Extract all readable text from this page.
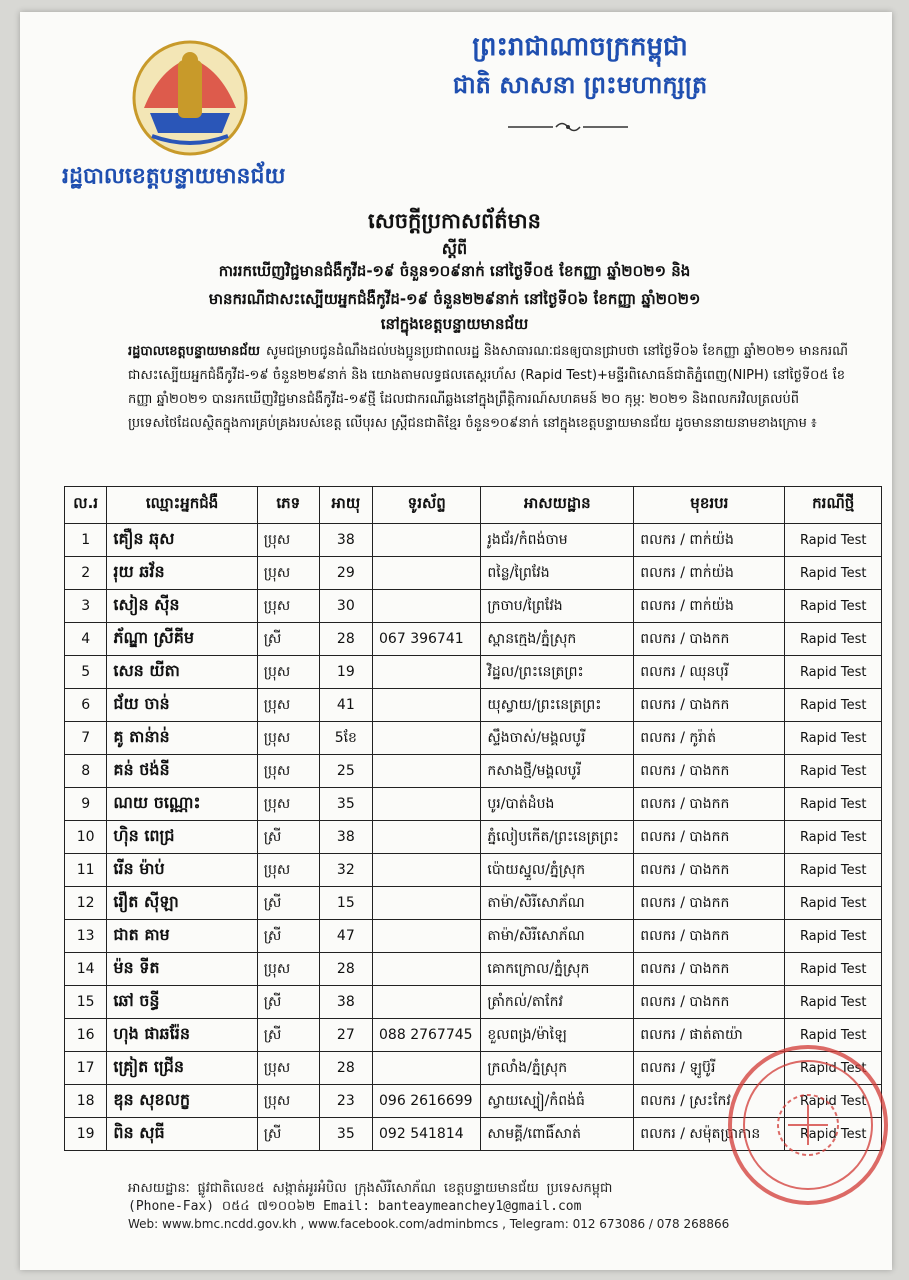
ព្រះរាជាណាចក្រកម្ពុជា
ជាតិ សាសនា ព្រះមហាក្សត្រ
រដ្ឋបាលខេត្តបន្ទាយមានជ័យ
សេចក្ដីប្រកាសព័ត៌មាន
ស្ដីពី
ការរកឃើញវិជ្ជមានជំងឺកូវីដ-១៩ ចំនួន១០៩នាក់ នៅថ្ងៃទី០៥ ខែកញ្ញា ឆ្នាំ២០២១ និង
មានករណីជាសះស្បើយអ្នកជំងឺកូវីដ-១៩ ចំនួន២២៩នាក់ នៅថ្ងៃទី០៦ ខែកញ្ញា ឆ្នាំ២០២១
នៅក្នុងខេត្តបន្ទាយមានជ័យ
រដ្ឋបាលខេត្តបន្ទាយមានជ័យ សូមជម្រាបជូនដំណឹងដល់បងប្អូនប្រជាពលរដ្ឋ និងសាធារណៈជនឲ្យបានជ្រាបថា នៅថ្ងៃទី០៦ ខែកញ្ញា ឆ្នាំ២០២១ មានករណីជាសះស្បើយអ្នកជំងឺកូវីដ-១៩ ចំនួន២២៩នាក់ និង យោងតាមលទ្ធផលតេស្តរហ័ស (Rapid Test)+មន្ទីរពិសោធន៍ជាតិភ្នំពេញ(NIPH) នៅថ្ងៃទី០៥ ខែកញ្ញា ឆ្នាំ២០២១ បានរកឃើញវិជ្ជមានជំងឺកូវីដ-១៩ថ្មី ដែលជាករណីឆ្លងនៅក្នុងព្រឹត្តិការណ៍សហគមន៍ ២០ កុម្ភៈ ២០២១ និងពលករវិលត្រលប់ពីប្រទេសថៃដែលស្ថិតក្នុងការគ្រប់គ្រងរបស់ខេត្ត លើបុរស ស្ត្រីជនជាតិខ្មែរ ចំនួន១០៩នាក់ នៅក្នុងខេត្តបន្ទាយមានជ័យ ដូចមាននាយនាមខាងក្រោម ៖
ល.រ	ឈ្មោះអ្នកជំងឺ	ភេទ	អាយុ	ទូរស័ព្ទ	អាសយដ្ឋាន	មុខរបរ	ករណីថ្មី
1	គឿន ឆុស	ប្រុស	38		រូងជ័រ/កំពង់ចាម	ពលករ / ពាក់យ៉ង	Rapid Test
2	រុយ ឆវ័ន	ប្រុស	29		ពន្លៃ/ព្រៃវែង	ពលករ / ពាក់យ៉ង	Rapid Test
3	សៀន ស៊ីន	ប្រុស	30		ក្រចាប/ព្រៃវែង	ពលករ / ពាក់យ៉ង	Rapid Test
4	ភ័ណ្ឌា ស្រីគីម	ស្រី	28	067 396741	ស្ពានក្មេង/ភ្នំស្រុក	ពលករ / បាងកក	Rapid Test
5	សេន យីតា	ប្រុស	19		វិដ្ឋល/ព្រះនេត្រព្រះ	ពលករ / ឈុនបុរី	Rapid Test
6	ជ័យ ចាន់	ប្រុស	41		យុស្វាយ/ព្រះនេត្រព្រះ	ពលករ / បាងកក	Rapid Test
7	គូ តាន់ាន់	ប្រុស	5ខែ		ស្ទឹងចាស់/មង្គលបូរី	ពលករ / កូរ៉ាត់	Rapid Test
8	គន់ ថង់នី	ប្រុស	25		កសាងថ្មី/មង្គលបូរី	ពលករ / បាងកក	Rapid Test
9	ណយ ចណ្ណោះ	ប្រុស	35		បូរ/បាត់ដំបង	ពលករ / បាងកក	Rapid Test
10	ហ៊ិន ពេជ្រ	ស្រី	38		ភ្នំលៀបកើត/ព្រះនេត្រព្រះ	ពលករ / បាងកក	Rapid Test
11	រើន ម៉ាប់	ប្រុស	32		ប៉ោយស្នួល/ភ្នំស្រុក	ពលករ / បាងកក	Rapid Test
12	រឿត ស៊ីឡា	ស្រី	15		តាម៉ា/សិរីសោភ័ណ	ពលករ / បាងកក	Rapid Test
13	ជាត គាម	ស្រី	47		តាម៉ា/សិរីសោភ័ណ	ពលករ / បាងកក	Rapid Test
14	ម៉ន ទីត	ប្រុស	28		គោកក្រោល/ភ្នំស្រុក	ពលករ / បាងកក	Rapid Test
15	ឆៅ ចន្ធី	ស្រី	38		ត្រាំកល់/តាកែវ	ពលករ / បាងកក	Rapid Test
16	ហុង ផាឆរ៉ែន	ស្រី	27	088 2767745	ខួលពង្រ/ម៉ាឡៃ	ពលករ / ផាត់តាយ៉ា	Rapid Test
17	គ្រៀត ជ្រើន	ប្រុស	28		ក្រលាំង/ភ្នំស្រុក	ពលករ / ឡូប៊ូរី	Rapid Test
18	ឌុន សុខលក្ខ	ប្រុស	23	096 2616699	ស្វាយស្បៀ/កំពង់ធំ	ពលករ / ស្រះកែវ	Rapid Test
19	ពិន សុធី	ស្រី	35	092 541814	សាមគ្គី/ពោធិ៍សាត់	ពលករ / សម៉ុតប្រាកាន	Rapid Test
អាសយដ្ឋានៈ ផ្លូវជាតិលេខ៥ សង្កាត់អូរអំបិល ក្រុងសិរីសោភ័ណ ខេត្តបន្ទាយមានជ័យ ប្រទេសកម្ពុជា
(Phone-Fax) ០៥៤ ៧១០០៦២ Email: banteaymeanchey1@gmail.com
Web: www.bmc.ncdd.gov.kh , www.facebook.com/adminbmcs , Telegram: 012 673086 / 078 268866
